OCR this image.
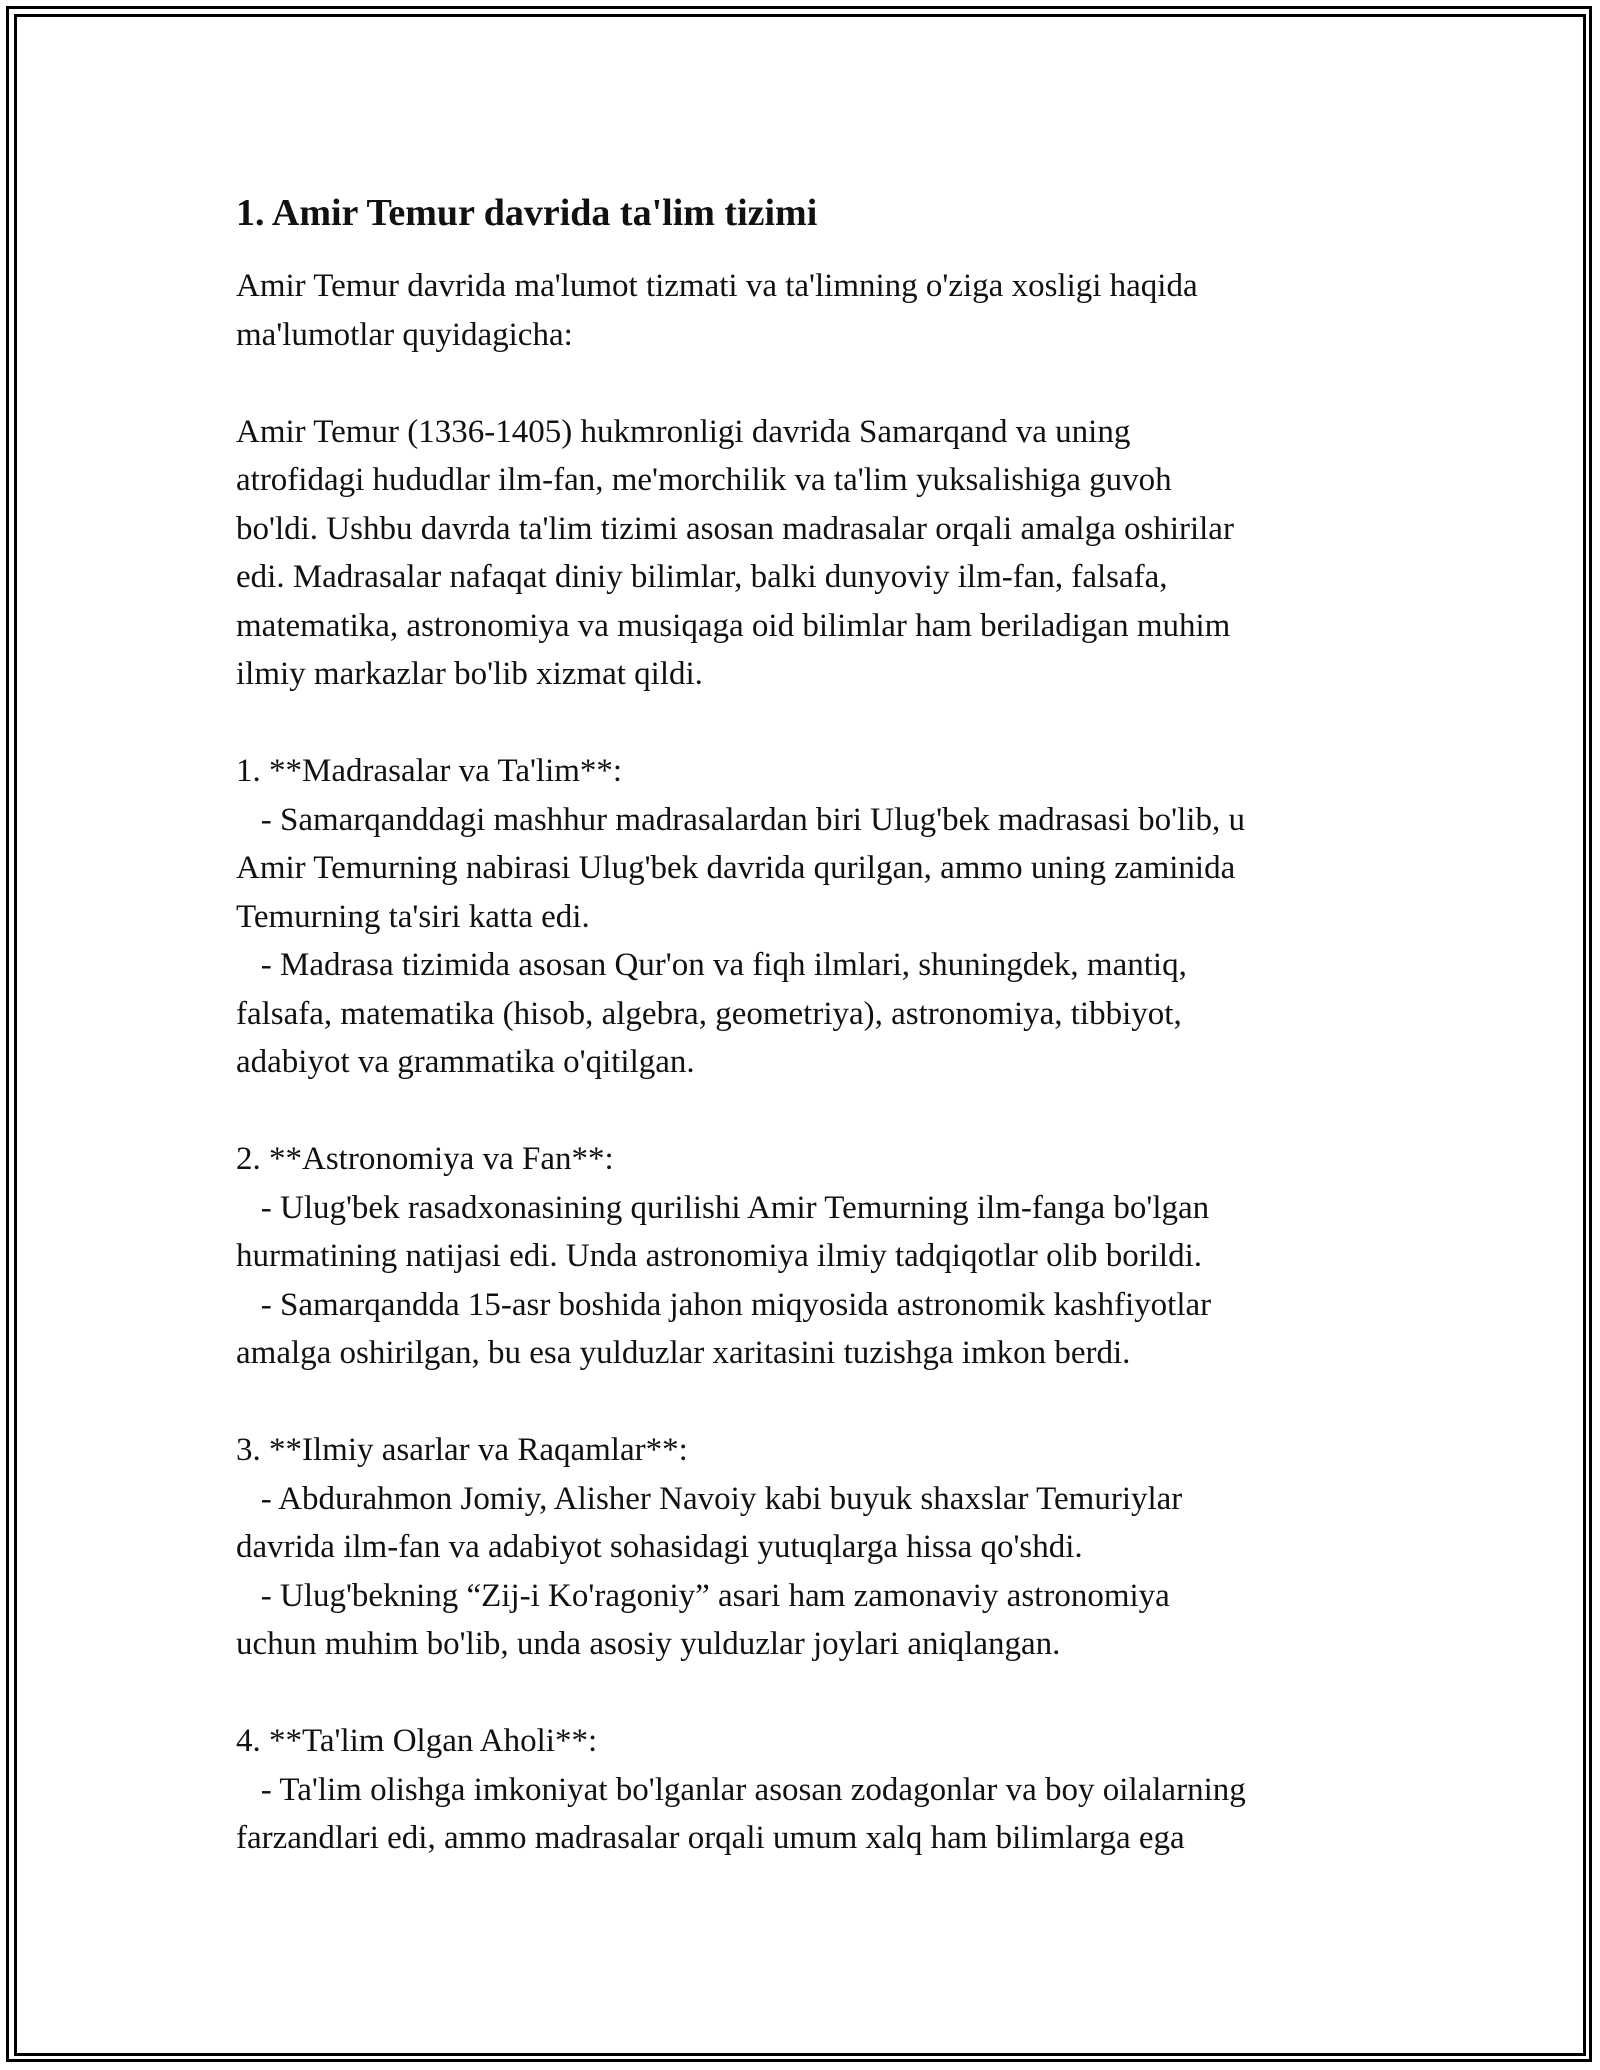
1. Amir Temur davrida ta'lim tizimi

Amir Temur davrida ma'lumot tizmati va ta'limning o'ziga xosligi haqida

ma'lumotlar quyidagicha:

Amir Temur (1336-1405) hukmronligi davrida Samarqand va uning

atrofidagi hududlar ilm-fan, me'morchilik va ta'lim yuksalishiga guvoh

bo'ldi. Ushbu davrda ta'lim tizimi asosan madrasalar orqali amalga oshirilar

edi. Madrasalar nafaqat diniy bilimlar, balki dunyoviy ilm-fan, falsafa,

matematika, astronomiya va musiqaga oid bilimlar ham beriladigan muhim

ilmiy markazlar bo'lib xizmat qildi.

1. **Madrasalar va Ta'lim**:

- Samarqanddagi mashhur madrasalardan biri Ulug'bek madrasasi bo'lib, u

Amir Temurning nabirasi Ulug'bek davrida qurilgan, ammo uning zaminida

Temurning ta'siri katta edi.

- Madrasa tizimida asosan Qur'on va fiqh ilmlari, shuningdek, mantiq,

falsafa, matematika (hisob, algebra, geometriya), astronomiya, tibbiyot,

adabiyot va grammatika o'qitilgan.

2. **Astronomiya va Fan**:

- Ulug'bek rasadxonasining qurilishi Amir Temurning ilm-fanga bo'lgan

hurmatining natijasi edi. Unda astronomiya ilmiy tadqiqotlar olib borildi.

- Samarqandda 15-asr boshida jahon miqyosida astronomik kashfiyotlar

amalga oshirilgan, bu esa yulduzlar xaritasini tuzishga imkon berdi.

3. **Ilmiy asarlar va Raqamlar**:

- Abdurahmon Jomiy, Alisher Navoiy kabi buyuk shaxslar Temuriylar

davrida ilm-fan va adabiyot sohasidagi yutuqlarga hissa qo'shdi.

- Ulug'bekning “Zij-i Ko'ragoniy” asari ham zamonaviy astronomiya

uchun muhim bo'lib, unda asosiy yulduzlar joylari aniqlangan.

4. **Ta'lim Olgan Aholi**:

- Ta'lim olishga imkoniyat bo'lganlar asosan zodagonlar va boy oilalarning

farzandlari edi, ammo madrasalar orqali umum xalq ham bilimlarga ega
